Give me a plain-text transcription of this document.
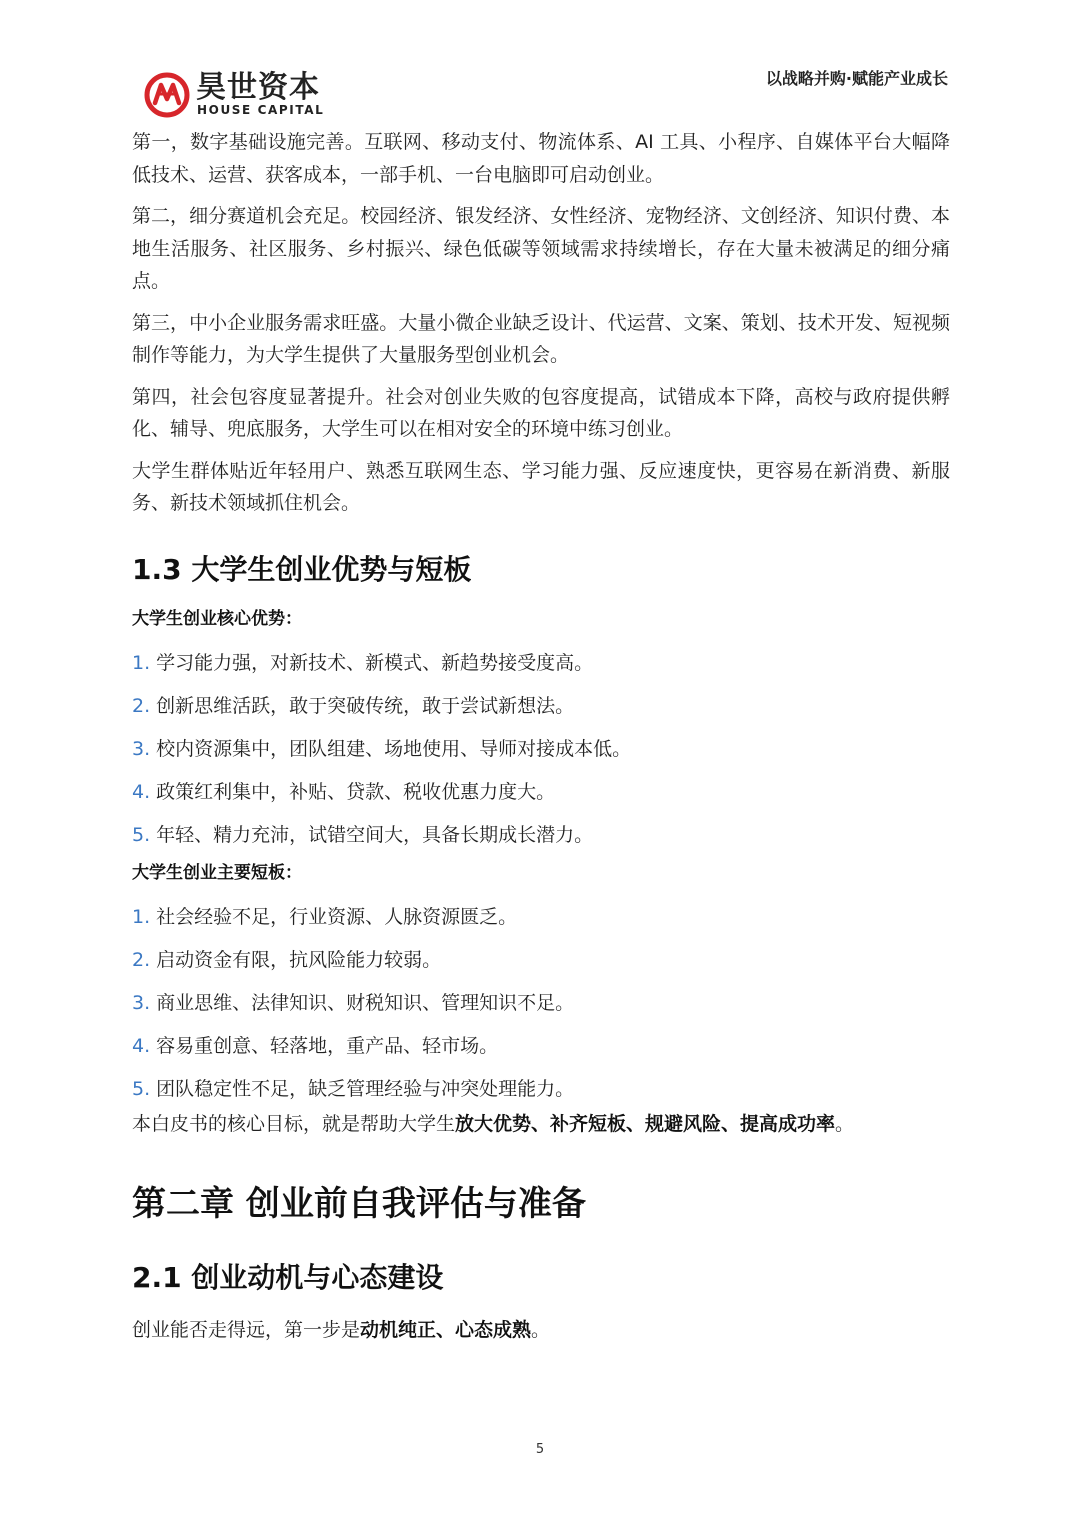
昊世资本
HOUSE CAPITAL
以战略并购·赋能产业成长

第一，数字基础设施完善。互联网、移动支付、物流体系、AI 工具、小程序、自媒体平台大幅降低技术、运营、获客成本，一部手机、一台电脑即可启动创业。

第二，细分赛道机会充足。校园经济、银发经济、女性经济、宠物经济、文创经济、知识付费、本地生活服务、社区服务、乡村振兴、绿色低碳等领域需求持续增长，存在大量未被满足的细分痛点。

第三，中小企业服务需求旺盛。大量小微企业缺乏设计、代运营、文案、策划、技术开发、短视频制作等能力，为大学生提供了大量服务型创业机会。

第四，社会包容度显著提升。社会对创业失败的包容度提高，试错成本下降，高校与政府提供孵化、辅导、兜底服务，大学生可以在相对安全的环境中练习创业。

大学生群体贴近年轻用户、熟悉互联网生态、学习能力强、反应速度快，更容易在新消费、新服务、新技术领域抓住机会。

1.3 大学生创业优势与短板
大学生创业核心优势：
1. 学习能力强，对新技术、新模式、新趋势接受度高。
2. 创新思维活跃，敢于突破传统，敢于尝试新想法。
3. 校内资源集中，团队组建、场地使用、导师对接成本低。
4. 政策红利集中，补贴、贷款、税收优惠力度大。
5. 年轻、精力充沛，试错空间大，具备长期成长潜力。
大学生创业主要短板：
1. 社会经验不足，行业资源、人脉资源匮乏。
2. 启动资金有限，抗风险能力较弱。
3. 商业思维、法律知识、财税知识、管理知识不足。
4. 容易重创意、轻落地，重产品、轻市场。
5. 团队稳定性不足，缺乏管理经验与冲突处理能力。

本白皮书的核心目标，就是帮助大学生放大优势、补齐短板、规避风险、提高成功率。

第二章 创业前自我评估与准备
2.1 创业动机与心态建设

创业能否走得远，第一步是动机纯正、心态成熟。

5
